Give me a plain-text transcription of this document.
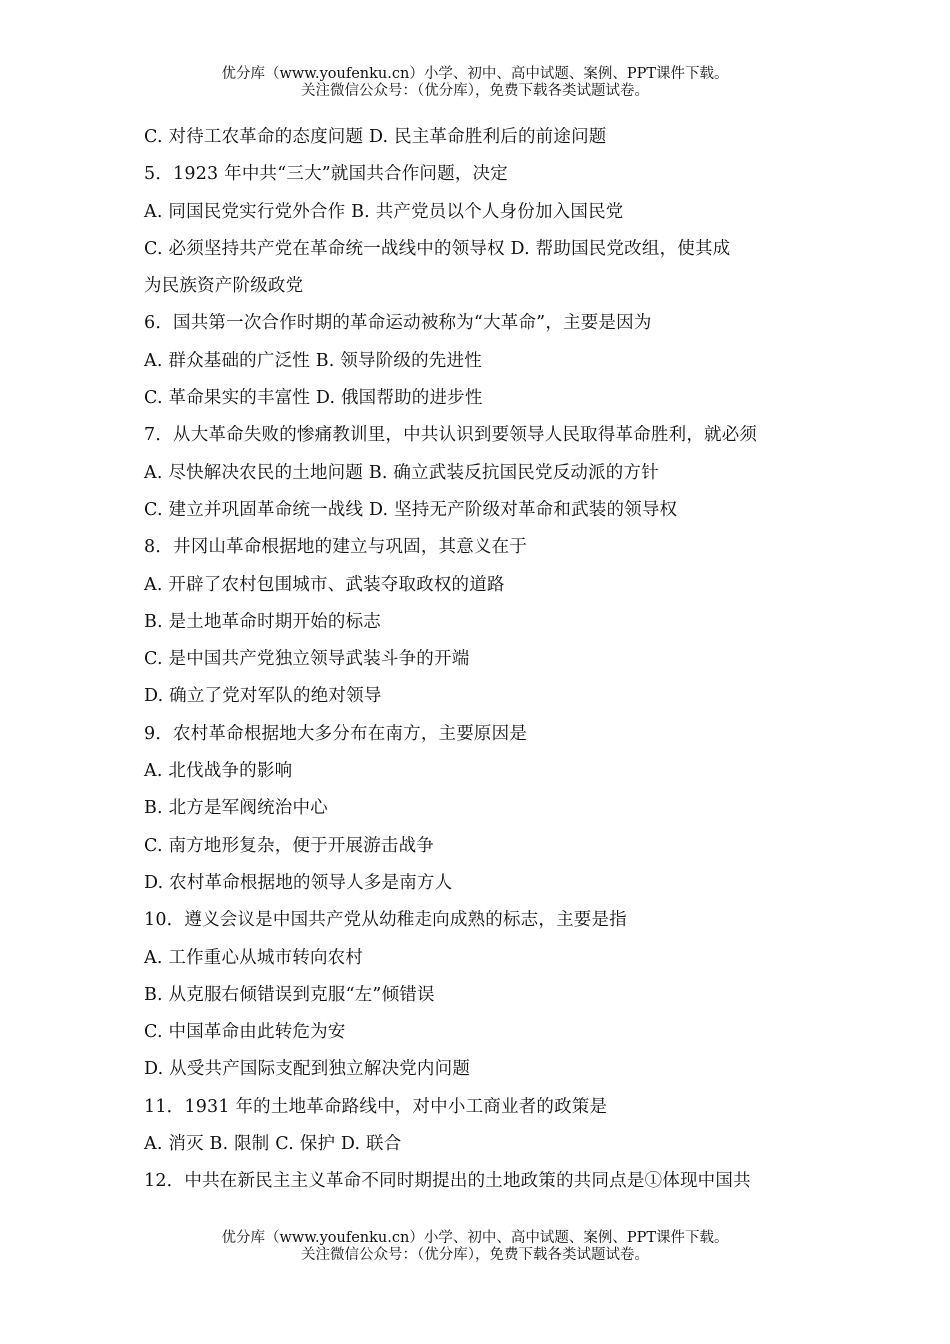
优分库（www.youfenku.cn）小学、初中、高中试题、案例、PPT课件下载。
关注微信公众号：（优分库），免费下载各类试题试卷。
C. 对待工农革命的态度问题 D. 民主革命胜利后的前途问题
5．1923 年中共“三大”就国共合作问题，决定
A. 同国民党实行党外合作 B. 共产党员以个人身份加入国民党
C. 必须坚持共产党在革命统一战线中的领导权 D. 帮助国民党改组，使其成
为民族资产阶级政党
6．国共第一次合作时期的革命运动被称为“大革命”，主要是因为
A. 群众基础的广泛性 B. 领导阶级的先进性
C. 革命果实的丰富性 D. 俄国帮助的进步性
7．从大革命失败的惨痛教训里，中共认识到要领导人民取得革命胜利，就必须
A. 尽快解决农民的土地问题 B. 确立武装反抗国民党反动派的方针
C. 建立并巩固革命统一战线 D. 坚持无产阶级对革命和武装的领导权
8．井冈山革命根据地的建立与巩固，其意义在于
A. 开辟了农村包围城市、武装夺取政权的道路
B. 是土地革命时期开始的标志
C. 是中国共产党独立领导武装斗争的开端
D. 确立了党对军队的绝对领导
9．农村革命根据地大多分布在南方，主要原因是
A. 北伐战争的影响
B. 北方是军阀统治中心
C. 南方地形复杂，便于开展游击战争
D. 农村革命根据地的领导人多是南方人
10．遵义会议是中国共产党从幼稚走向成熟的标志，主要是指
A. 工作重心从城市转向农村
B. 从克服右倾错误到克服“左”倾错误
C. 中国革命由此转危为安
D. 从受共产国际支配到独立解决党内问题
11．1931 年的土地革命路线中，对中小工商业者的政策是
A. 消灭 B. 限制 C. 保护 D. 联合
12．中共在新民主主义革命不同时期提出的土地政策的共同点是①体现中国共
优分库（www.youfenku.cn）小学、初中、高中试题、案例、PPT课件下载。
关注微信公众号：（优分库），免费下载各类试题试卷。
